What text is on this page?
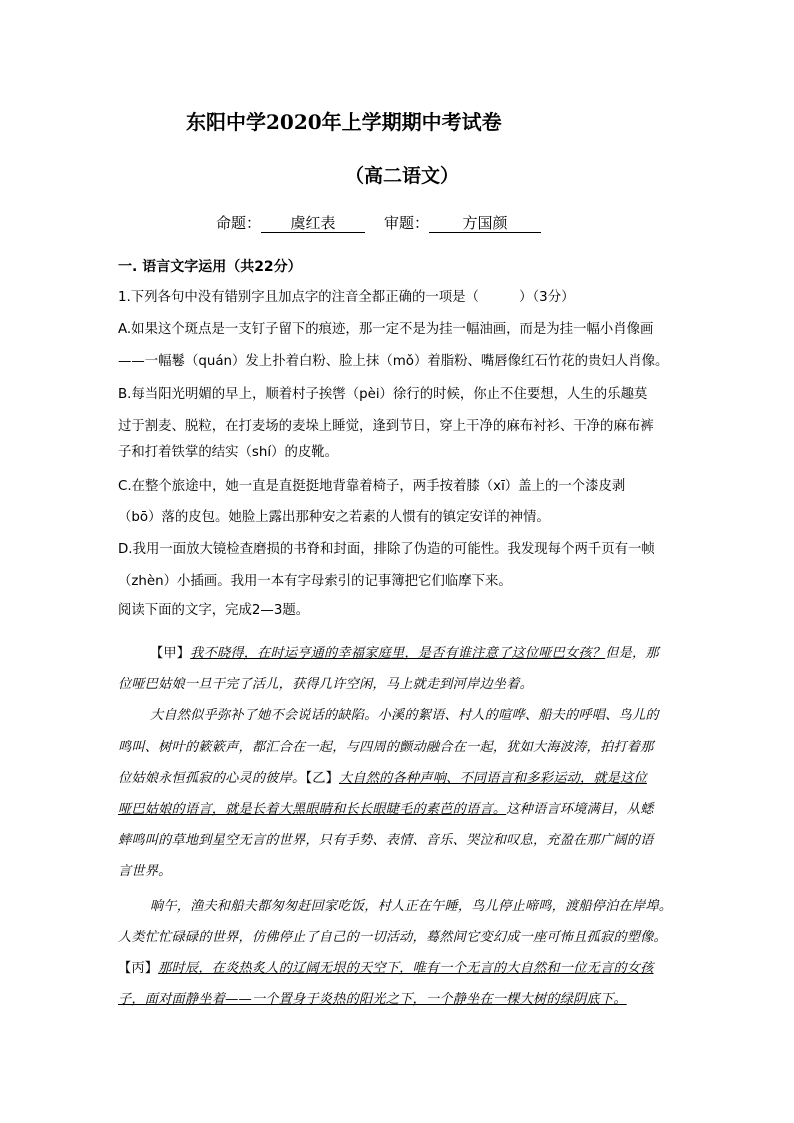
东阳中学2020年上学期期中考试卷
（高二语文）
命题： 虞红表	审题： 方国颜
一. 语言文字运用（共22分）
1.下列各句中没有错别字且加点字的注音全都正确的一项是（　　　）（3分）
A.如果这个斑点是一支钉子留下的痕迹，那一定不是为挂一幅油画，而是为挂一幅小肖像画
——一幅鬈（quán）发上扑着白粉、脸上抹（mǒ）着脂粉、嘴唇像红石竹花的贵妇人肖像。
B.每当阳光明媚的早上，顺着村子挨辔（pèi）徐行的时候，你止不住要想，人生的乐趣莫
过于割麦、脱粒，在打麦场的麦垛上睡觉，逢到节日，穿上干净的麻布衬衫、干净的麻布裤
子和打着铁掌的结实（shí）的皮靴。
C.在整个旅途中，她一直是直挺挺地背靠着椅子，两手按着膝（xī）盖上的一个漆皮剥
（bō）落的皮包。她脸上露出那种安之若素的人惯有的镇定安详的神情。
D.我用一面放大镜检查磨损的书脊和封面，排除了伪造的可能性。我发现每个两千页有一帧
（zhèn）小插画。我用一本有字母索引的记事簿把它们临摩下来。
阅读下面的文字，完成2—3题。
【甲】我不晓得，在时运亨通的幸福家庭里，是否有谁注意了这位哑巴女孩？但是，那
位哑巴姑娘一旦干完了活儿，获得几许空闲，马上就走到河岸边坐着。
大自然似乎弥补了她不会说话的缺陷。小溪的絮语、村人的喧哗、船夫的呼唱、鸟儿的
鸣叫、树叶的簌簌声，都汇合在一起，与四周的颤动融合在一起，犹如大海波涛，拍打着那
位姑娘永恒孤寂的心灵的彼岸。【乙】大自然的各种声响、不同语言和多彩运动，就是这位
哑巴姑娘的语言，就是长着大黑眼睛和长长眼睫毛的素芭的语言。这种语言环境满目，从蟋
蟀鸣叫的草地到星空无言的世界，只有手势、表情、音乐、哭泣和叹息，充盈在那广阔的语
言世界。
晌午，渔夫和船夫都匆匆赶回家吃饭，村人正在午睡，鸟儿停止啼鸣，渡船停泊在岸埠。
人类忙忙碌碌的世界，仿佛停止了自己的一切活动，蓦然间它变幻成一座可怖且孤寂的塑像。
【丙】那时辰，在炎热炙人的辽阔无垠的天空下，唯有一个无言的大自然和一位无言的女孩
子，面对面静坐着——一个置身于炎热的阳光之下，一个静坐在一棵大树的绿阴底下。
